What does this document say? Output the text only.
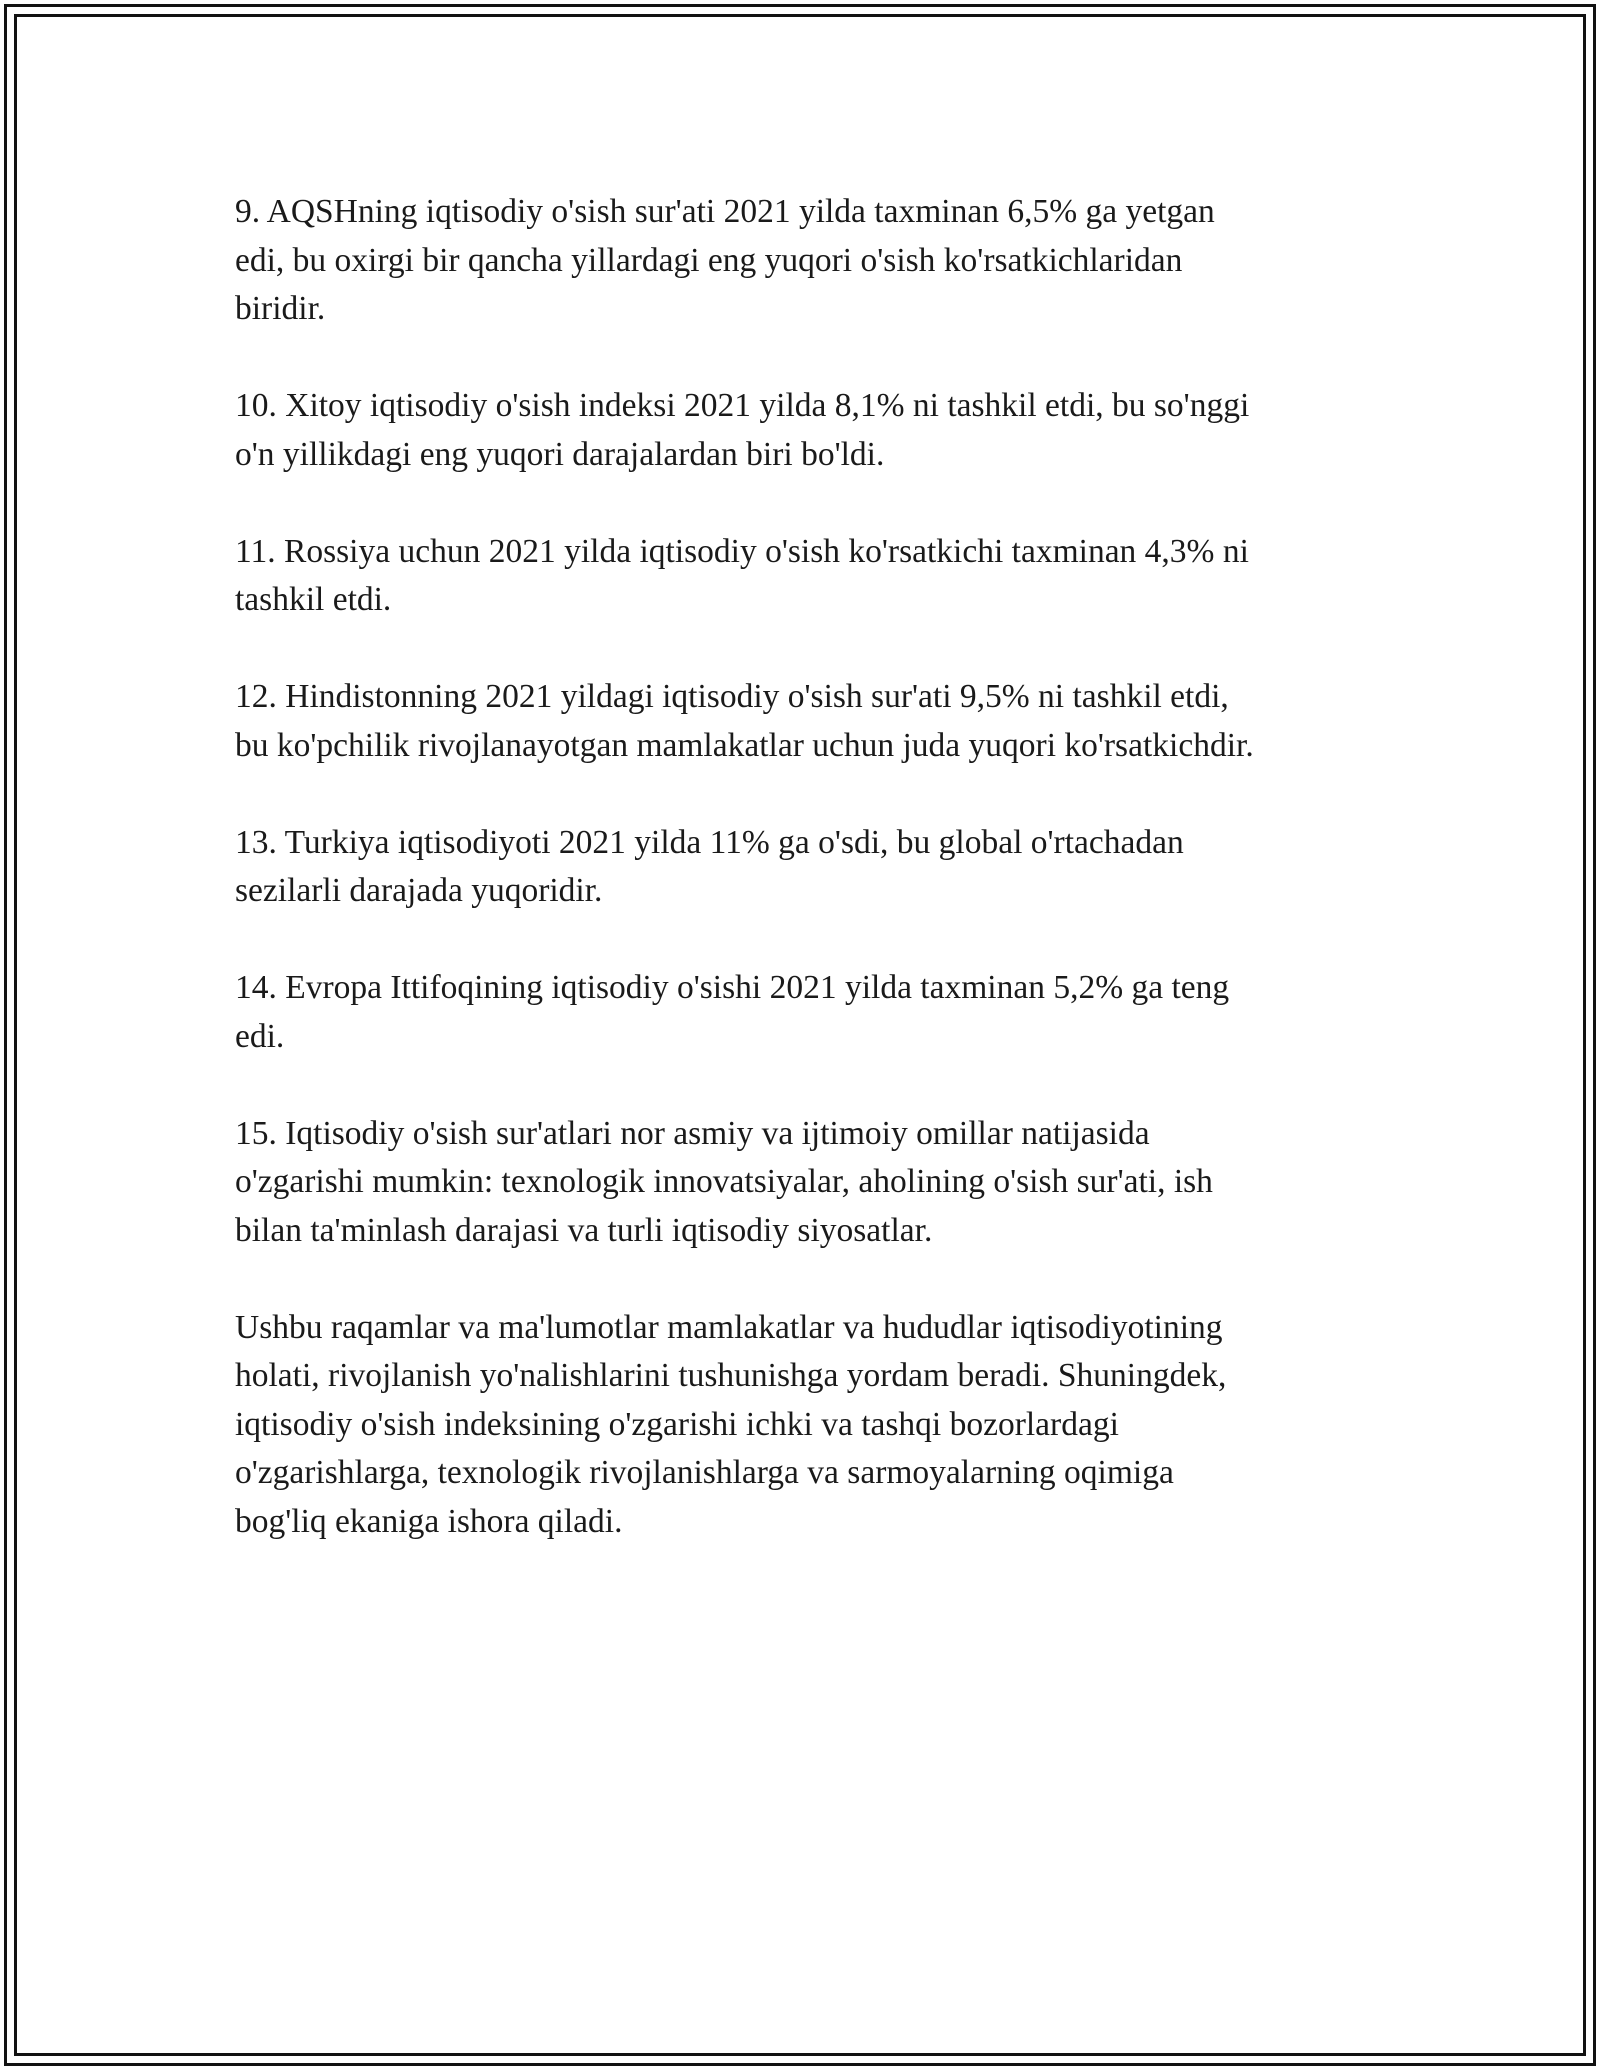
9. AQSHning iqtisodiy o'sish sur'ati 2021 yilda taxminan 6,5% ga yetgan
edi, bu oxirgi bir qancha yillardagi eng yuqori o'sish ko'rsatkichlaridan
biridir.
10. Xitoy iqtisodiy o'sish indeksi 2021 yilda 8,1% ni tashkil etdi, bu so'nggi
o'n yillikdagi eng yuqori darajalardan biri bo'ldi.
11. Rossiya uchun 2021 yilda iqtisodiy o'sish ko'rsatkichi taxminan 4,3% ni
tashkil etdi.
12. Hindistonning 2021 yildagi iqtisodiy o'sish sur'ati 9,5% ni tashkil etdi,
bu ko'pchilik rivojlanayotgan mamlakatlar uchun juda yuqori ko'rsatkichdir.
13. Turkiya iqtisodiyoti 2021 yilda 11% ga o'sdi, bu global o'rtachadan
sezilarli darajada yuqoridir.
14. Evropa Ittifoqining iqtisodiy o'sishi 2021 yilda taxminan 5,2% ga teng
edi.
15. Iqtisodiy o'sish sur'atlari nor asmiy va ijtimoiy omillar natijasida
o'zgarishi mumkin: texnologik innovatsiyalar, aholining o'sish sur'ati, ish
bilan ta'minlash darajasi va turli iqtisodiy siyosatlar.
Ushbu raqamlar va ma'lumotlar mamlakatlar va hududlar iqtisodiyotining
holati, rivojlanish yo'nalishlarini tushunishga yordam beradi. Shuningdek,
iqtisodiy o'sish indeksining o'zgarishi ichki va tashqi bozorlardagi
o'zgarishlarga, texnologik rivojlanishlarga va sarmoyalarning oqimiga
bog'liq ekaniga ishora qiladi.
